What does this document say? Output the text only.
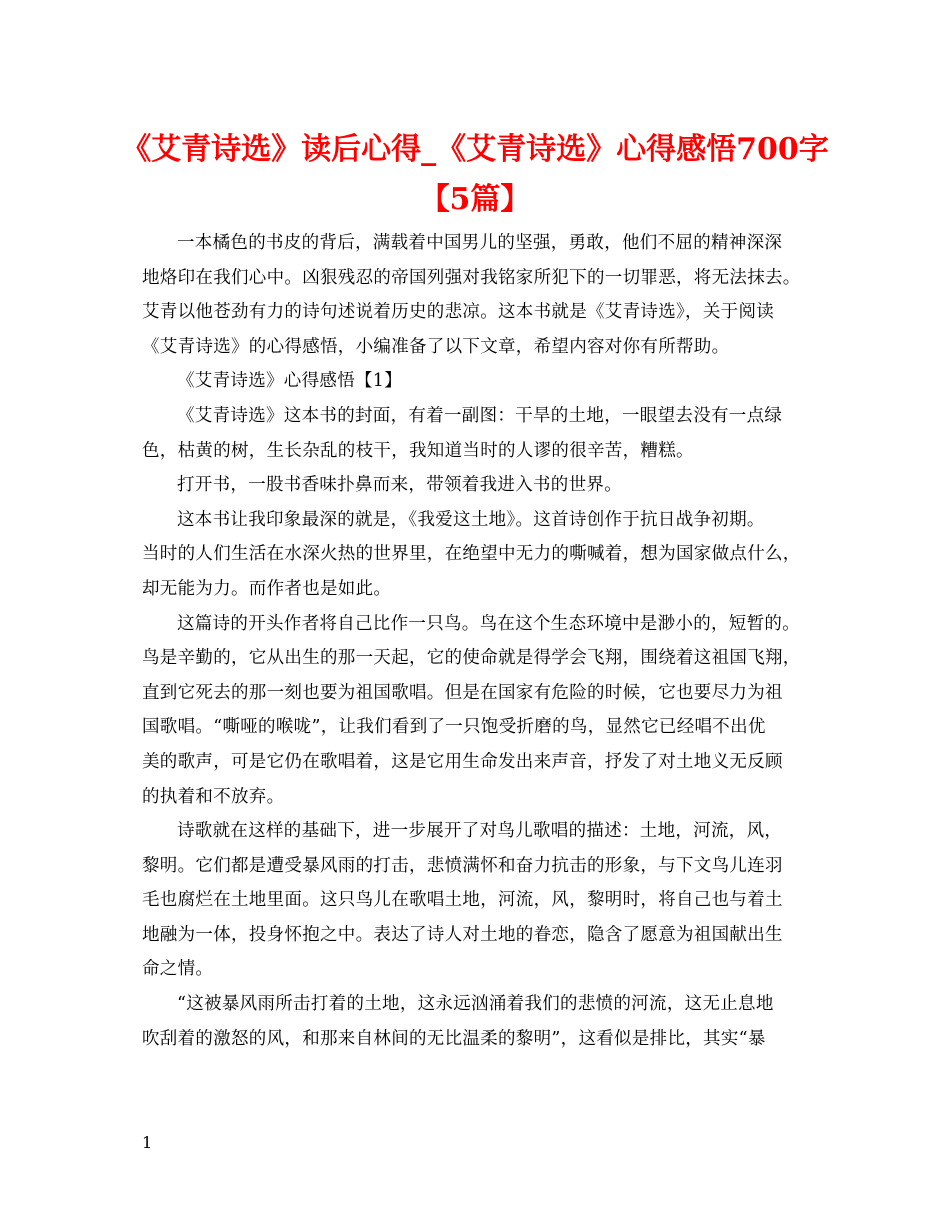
《艾青诗选》读后心得_《艾青诗选》心得感悟700字
【5篇】

一本橘色的书皮的背后，满载着中国男儿的坚强，勇敢，他们不屈的精神深深
地烙印在我们心中。凶狠残忍的帝国列强对我铭家所犯下的一切罪恶，将无法抹去。
艾青以他苍劲有力的诗句述说着历史的悲凉。这本书就是《艾青诗选》，关于阅读
《艾青诗选》的心得感悟，小编准备了以下文章，希望内容对你有所帮助。

《艾青诗选》心得感悟【1】

《艾青诗选》这本书的封面，有着一副图：干旱的土地，一眼望去没有一点绿
色，枯黄的树，生长杂乱的枝干，我知道当时的人谬的很辛苦，糟糕。

打开书，一股书香味扑鼻而来，带领着我进入书的世界。

这本书让我印象最深的就是，《我爱这土地》。这首诗创作于抗日战争初期。
当时的人们生活在水深火热的世界里，在绝望中无力的嘶喊着，想为国家做点什么，
却无能为力。而作者也是如此。

这篇诗的开头作者将自己比作一只鸟。鸟在这个生态环境中是渺小的，短暂的。
鸟是辛勤的，它从出生的那一天起，它的使命就是得学会飞翔，围绕着这祖国飞翔，
直到它死去的那一刻也要为祖国歌唱。但是在国家有危险的时候，它也要尽力为祖
国歌唱。“嘶哑的喉咙”，让我们看到了一只饱受折磨的鸟，显然它已经唱不出优
美的歌声，可是它仍在歌唱着，这是它用生命发出来声音，抒发了对土地义无反顾
的执着和不放弃。

诗歌就在这样的基础下，进一步展开了对鸟儿歌唱的描述：土地，河流，风，
黎明。它们都是遭受暴风雨的打击，悲愤满怀和奋力抗击的形象，与下文鸟儿连羽
毛也腐烂在土地里面。这只鸟儿在歌唱土地，河流，风，黎明时，将自己也与着土
地融为一体，投身怀抱之中。表达了诗人对土地的眷恋，隐含了愿意为祖国献出生
命之情。

“这被暴风雨所击打着的土地，这永远汹涌着我们的悲愤的河流，这无止息地
吹刮着的激怒的风，和那来自林间的无比温柔的黎明”，这看似是排比，其实“暴

1
